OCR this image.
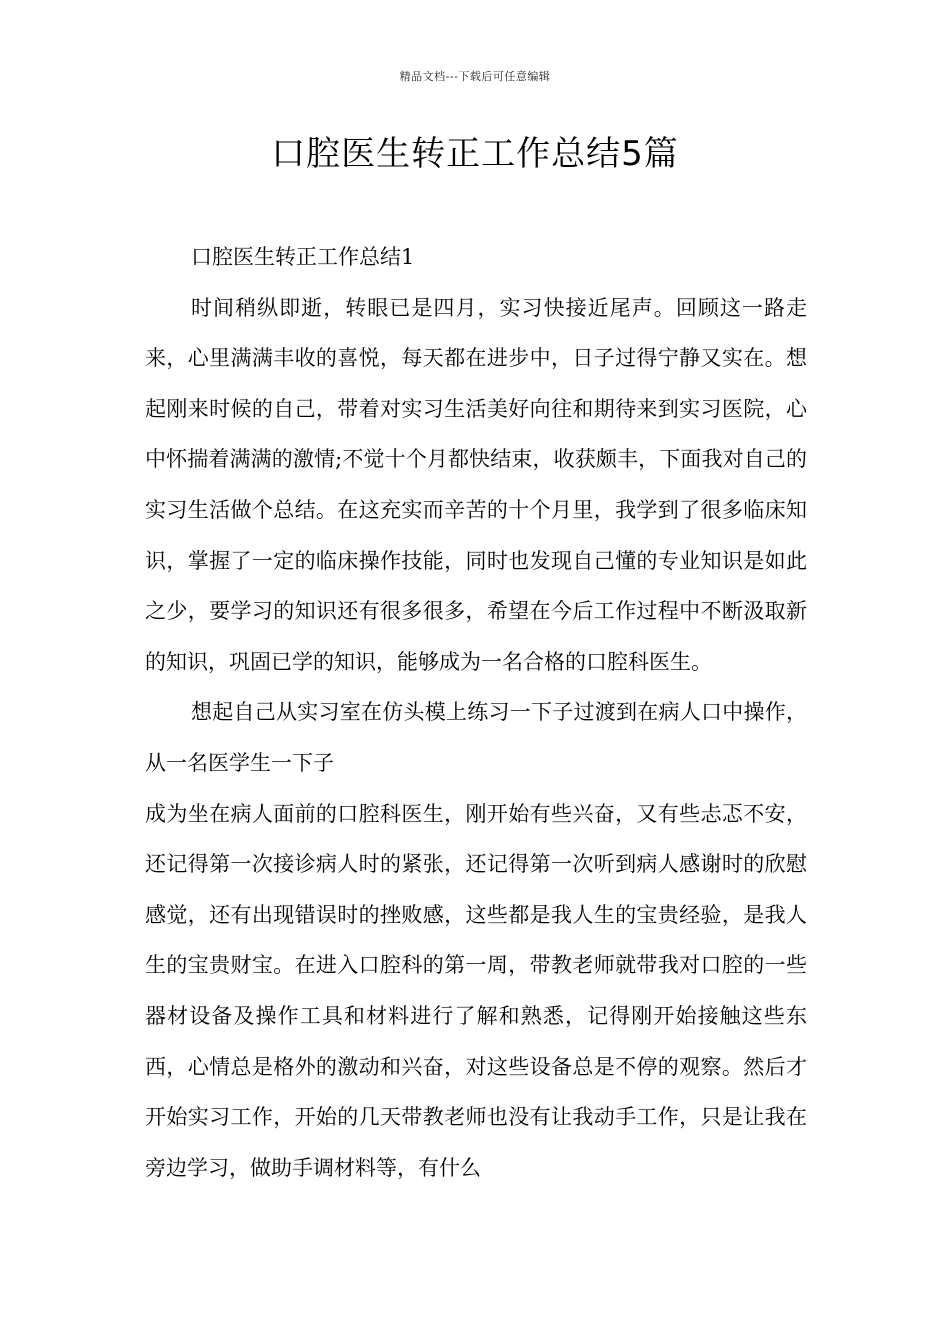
精品文档---下载后可任意编辑
口腔医生转正工作总结5篇

口腔医生转正工作总结1

时间稍纵即逝，转眼已是四月，实习快接近尾声。回顾这一路走来，心里满满丰收的喜悦，每天都在进步中，日子过得宁静又实在。想起刚来时候的自己，带着对实习生活美好向往和期待来到实习医院，心中怀揣着满满的激情;不觉十个月都快结束，收获颇丰，下面我对自己的实习生活做个总结。在这充实而辛苦的十个月里，我学到了很多临床知识，掌握了一定的临床操作技能，同时也发现自己懂的专业知识是如此之少，要学习的知识还有很多很多，希望在今后工作过程中不断汲取新的知识，巩固已学的知识，能够成为一名合格的口腔科医生。

想起自己从实习室在仿头模上练习一下子过渡到在病人口中操作，从一名医学生一下子

成为坐在病人面前的口腔科医生，刚开始有些兴奋，又有些忐忑不安，还记得第一次接诊病人时的紧张，还记得第一次听到病人感谢时的欣慰感觉，还有出现错误时的挫败感，这些都是我人生的宝贵经验，是我人生的宝贵财宝。在进入口腔科的第一周，带教老师就带我对口腔的一些器材设备及操作工具和材料进行了解和熟悉，记得刚开始接触这些东西，心情总是格外的激动和兴奋，对这些设备总是不停的观察。然后才开始实习工作，开始的几天带教老师也没有让我动手工作，只是让我在旁边学习，做助手调材料等，有什么
